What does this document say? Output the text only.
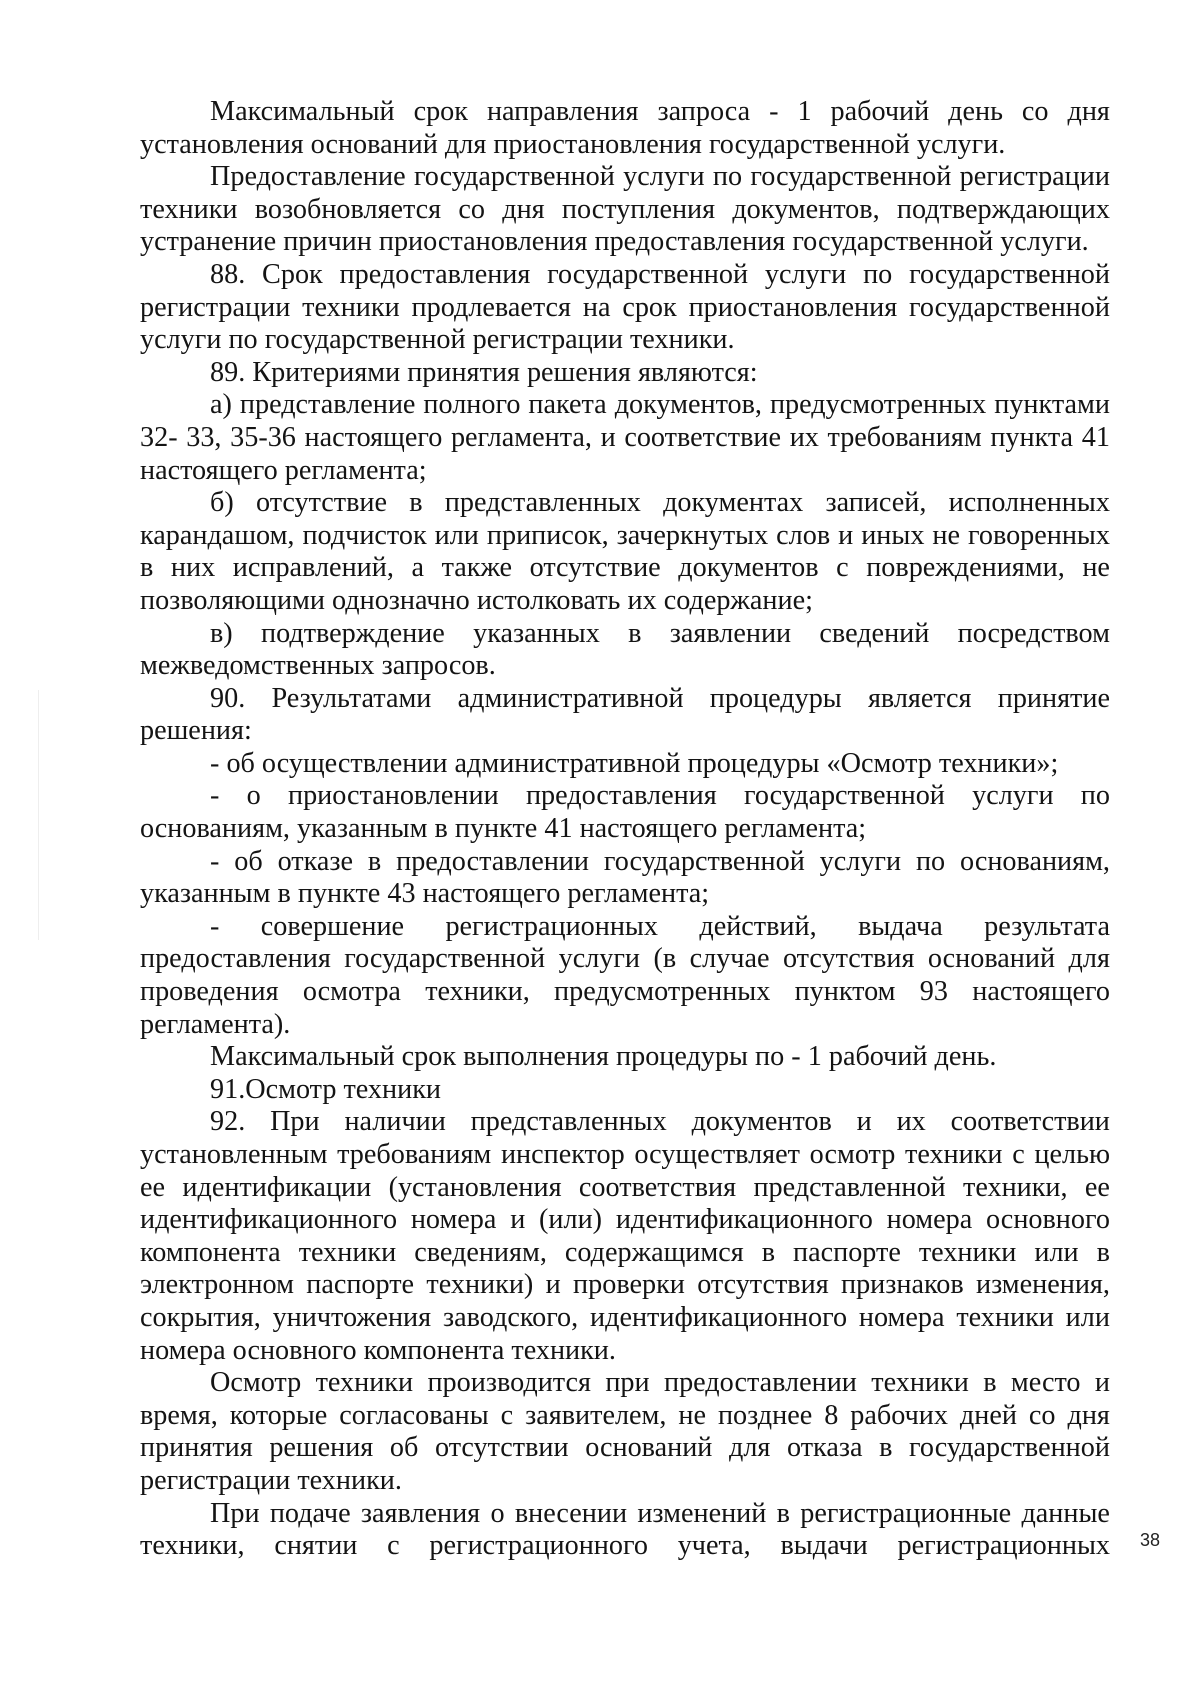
Максимальный срок направления запроса - 1 рабочий день со дня
установления оснований для приостановления государственной услуги.
Предоставление государственной услуги по государственной регистрации
техники возобновляется со дня поступления документов, подтверждающих
устранение причин приостановления предоставления государственной услуги.
88. Срок предоставления государственной услуги по государственной
регистрации техники продлевается на срок приостановления государственной
услуги по государственной регистрации техники.
89. Критериями принятия решения являются:
а) представление полного пакета документов, предусмотренных пунктами
32- 33, 35-36 настоящего регламента, и соответствие их требованиям пункта 41
настоящего регламента;
б) отсутствие в представленных документах записей, исполненных
карандашом, подчисток или приписок, зачеркнутых слов и иных не говоренных
в них исправлений, а также отсутствие документов с повреждениями, не
позволяющими однозначно истолковать их содержание;
в) подтверждение указанных в заявлении сведений посредством
межведомственных запросов.
90. Результатами административной процедуры является принятие
решения:
- об осуществлении административной процедуры «Осмотр техники»;
- о приостановлении предоставления государственной услуги по
основаниям, указанным в пункте 41 настоящего регламента;
- об отказе в предоставлении государственной услуги по основаниям,
указанным в пункте 43 настоящего регламента;
- совершение регистрационных действий, выдача результата
предоставления государственной услуги (в случае отсутствия оснований для
проведения осмотра техники, предусмотренных пунктом 93 настоящего
регламента).
Максимальный срок выполнения процедуры по - 1 рабочий день.
91.Осмотр техники
92. При наличии представленных документов и их соответствии
установленным требованиям инспектор осуществляет осмотр техники с целью
ее идентификации (установления соответствия представленной техники, ее
идентификационного номера и (или) идентификационного номера основного
компонента техники сведениям, содержащимся в паспорте техники или в
электронном паспорте техники) и проверки отсутствия признаков изменения,
сокрытия, уничтожения заводского, идентификационного номера техники или
номера основного компонента техники.
Осмотр техники производится при предоставлении техники в место и
время, которые согласованы с заявителем, не позднее 8 рабочих дней со дня
принятия решения об отсутствии оснований для отказа в государственной
регистрации техники.
При подаче заявления о внесении изменений в регистрационные данные
техники, снятии с регистрационного учета, выдачи регистрационных 38
